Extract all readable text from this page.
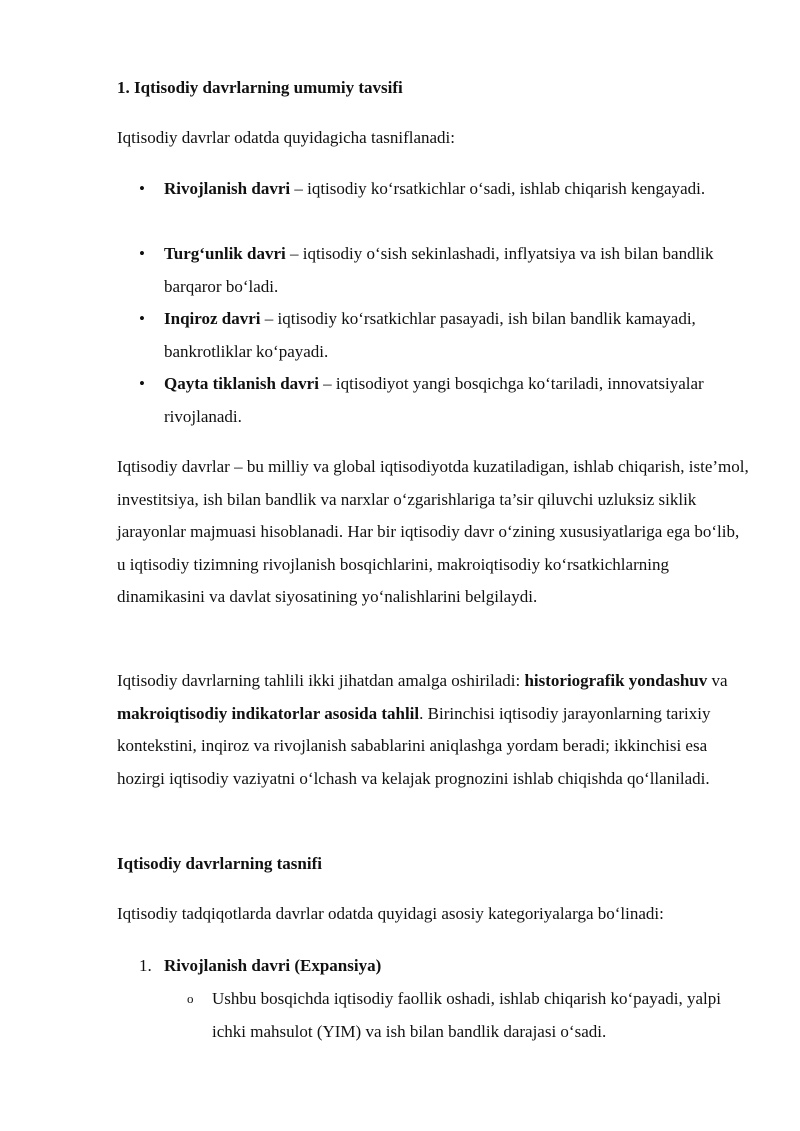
1. Iqtisodiy davrlarning umumiy tavsifi
Iqtisodiy davrlar odatda quyidagicha tasniflanadi:
• Rivojlanish davri – iqtisodiy ko‘rsatkichlar o‘sadi, ishlab chiqarish kengayadi.
• Turg‘unlik davri – iqtisodiy o‘sish sekinlashadi, inflyatsiya va ish bilan bandlik barqaror bo‘ladi.
• Inqiroz davri – iqtisodiy ko‘rsatkichlar pasayadi, ish bilan bandlik kamayadi, bankrotliklar ko‘payadi.
• Qayta tiklanish davri – iqtisodiyot yangi bosqichga ko‘tariladi, innovatsiyalar rivojlanadi.
Iqtisodiy davrlar – bu milliy va global iqtisodiyotda kuzatiladigan, ishlab chiqarish, iste’mol, investitsiya, ish bilan bandlik va narxlar o‘zgarishlariga ta’sir qiluvchi uzluksiz siklik jarayonlar majmuasi hisoblanadi. Har bir iqtisodiy davr o‘zining xususiyatlariga ega bo‘lib, u iqtisodiy tizimning rivojlanish bosqichlarini, makroiqtisodiy ko‘rsatkichlarning dinamikasini va davlat siyosatining yo‘nalishlarini belgilaydi.
Iqtisodiy davrlarning tahlili ikki jihatdan amalga oshiriladi: historiografik yondashuv va makroiqtisodiy indikatorlar asosida tahlil. Birinchisi iqtisodiy jarayonlarning tarixiy kontekstini, inqiroz va rivojlanish sabablarini aniqlashga yordam beradi; ikkinchisi esa hozirgi iqtisodiy vaziyatni o‘lchash va kelajak prognozini ishlab chiqishda qo‘llaniladi.
Iqtisodiy davrlarning tasnifi
Iqtisodiy tadqiqotlarda davrlar odatda quyidagi asosiy kategoriyalarga bo‘linadi:
1. Rivojlanish davri (Expansiya)
o Ushbu bosqichda iqtisodiy faollik oshadi, ishlab chiqarish ko‘payadi, yalpi ichki mahsulot (YIM) va ish bilan bandlik darajasi o‘sadi.
